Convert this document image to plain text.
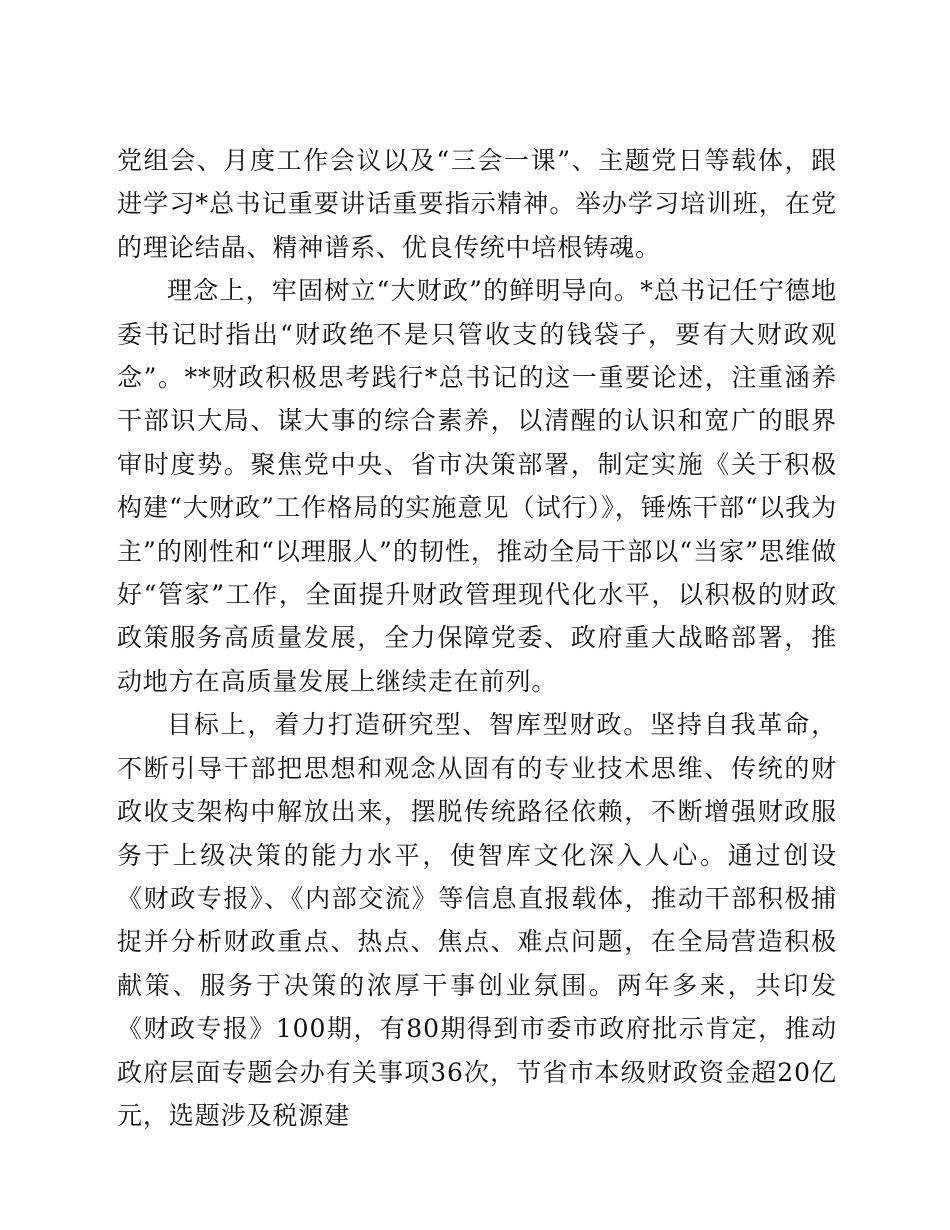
党组会、月度工作会议以及“三会一课”、主题党日等载体，跟进学习*总书记重要讲话重要指示精神。举办学习培训班，在党的理论结晶、精神谱系、优良传统中培根铸魂。

理念上，牢固树立“大财政”的鲜明导向。*总书记任宁德地委书记时指出“财政绝不是只管收支的钱袋子，要有大财政观念”。**财政积极思考践行*总书记的这一重要论述，注重涵养干部识大局、谋大事的综合素养，以清醒的认识和宽广的眼界审时度势。聚焦党中央、省市决策部署，制定实施《关于积极构建“大财政”工作格局的实施意见（试行）》，锤炼干部“以我为主”的刚性和“以理服人”的韧性，推动全局干部以“当家”思维做好“管家”工作，全面提升财政管理现代化水平，以积极的财政政策服务高质量发展，全力保障党委、政府重大战略部署，推动地方在高质量发展上继续走在前列。

目标上，着力打造研究型、智库型财政。坚持自我革命，不断引导干部把思想和观念从固有的专业技术思维、传统的财政收支架构中解放出来，摆脱传统路径依赖，不断增强财政服务于上级决策的能力水平，使智库文化深入人心。通过创设《财政专报》、《内部交流》等信息直报载体，推动干部积极捕捉并分析财政重点、热点、焦点、难点问题，在全局营造积极献策、服务于决策的浓厚干事创业氛围。两年多来，共印发《财政专报》100期，有80期得到市委市政府批示肯定，推动政府层面专题会办有关事项36次，节省市本级财政资金超20亿元，选题涉及税源建
